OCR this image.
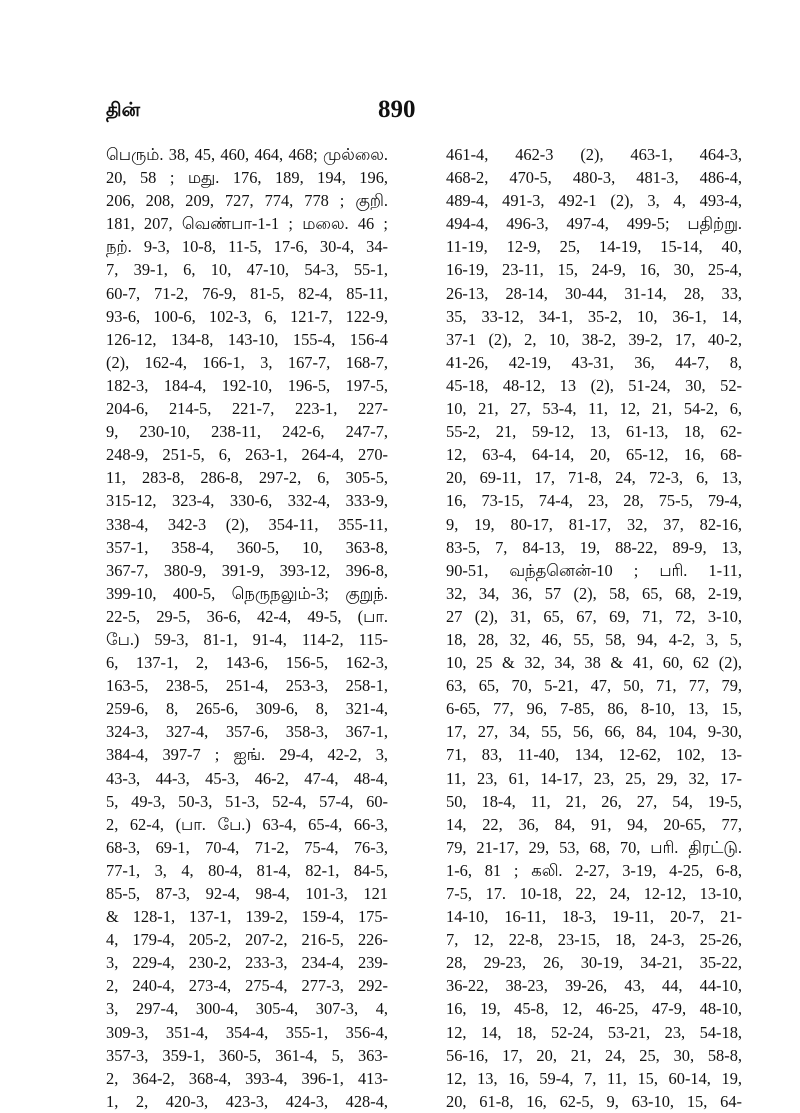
தின்	890
பெரும். 38, 45, 460, 464, 468; முல்லை.
20, 58 ; மது. 176, 189, 194, 196,
206, 208, 209, 727, 774, 778 ; குறி.
181, 207, வெண்பா-1-1 ; மலை. 46 ;
நற். 9-3, 10-8, 11-5, 17-6, 30-4, 34-
7, 39-1, 6, 10, 47-10, 54-3, 55-1,
60-7, 71-2, 76-9, 81-5, 82-4, 85-11,
93-6, 100-6, 102-3, 6, 121-7, 122-9,
126-12, 134-8, 143-10, 155-4, 156-4
(2), 162-4, 166-1, 3, 167-7, 168-7,
182-3, 184-4, 192-10, 196-5, 197-5,
204-6, 214-5, 221-7, 223-1, 227-
9, 230-10, 238-11, 242-6, 247-7,
248-9, 251-5, 6, 263-1, 264-4, 270-
11, 283-8, 286-8, 297-2, 6, 305-5,
315-12, 323-4, 330-6, 332-4, 333-9,
338-4, 342-3 (2), 354-11, 355-11,
357-1, 358-4, 360-5, 10, 363-8,
367-7, 380-9, 391-9, 393-12, 396-8,
399-10, 400-5, நெருநலும்-3; குறுந்.
22-5, 29-5, 36-6, 42-4, 49-5, (பா.
பே.) 59-3, 81-1, 91-4, 114-2, 115-
6, 137-1, 2, 143-6, 156-5, 162-3,
163-5, 238-5, 251-4, 253-3, 258-1,
259-6, 8, 265-6, 309-6, 8, 321-4,
324-3, 327-4, 357-6, 358-3, 367-1,
384-4, 397-7 ; ஐங். 29-4, 42-2, 3,
43-3, 44-3, 45-3, 46-2, 47-4, 48-4,
5, 49-3, 50-3, 51-3, 52-4, 57-4, 60-
2, 62-4, (பா. பே.) 63-4, 65-4, 66-3,
68-3, 69-1, 70-4, 71-2, 75-4, 76-3,
77-1, 3, 4, 80-4, 81-4, 82-1, 84-5,
85-5, 87-3, 92-4, 98-4, 101-3, 121
& 128-1, 137-1, 139-2, 159-4, 175-
4, 179-4, 205-2, 207-2, 216-5, 226-
3, 229-4, 230-2, 233-3, 234-4, 239-
2, 240-4, 273-4, 275-4, 277-3, 292-
3, 297-4, 300-4, 305-4, 307-3, 4,
309-3, 351-4, 354-4, 355-1, 356-4,
357-3, 359-1, 360-5, 361-4, 5, 363-
2, 364-2, 368-4, 393-4, 396-1, 413-
1, 2, 420-3, 423-3, 424-3, 428-4,
461-4, 462-3 (2), 463-1, 464-3,
468-2, 470-5, 480-3, 481-3, 486-4,
489-4, 491-3, 492-1 (2), 3, 4, 493-4,
494-4, 496-3, 497-4, 499-5; பதிற்று.
11-19, 12-9, 25, 14-19, 15-14, 40,
16-19, 23-11, 15, 24-9, 16, 30, 25-4,
26-13, 28-14, 30-44, 31-14, 28, 33,
35, 33-12, 34-1, 35-2, 10, 36-1, 14,
37-1 (2), 2, 10, 38-2, 39-2, 17, 40-2,
41-26, 42-19, 43-31, 36, 44-7, 8,
45-18, 48-12, 13 (2), 51-24, 30, 52-
10, 21, 27, 53-4, 11, 12, 21, 54-2, 6,
55-2, 21, 59-12, 13, 61-13, 18, 62-
12, 63-4, 64-14, 20, 65-12, 16, 68-
20, 69-11, 17, 71-8, 24, 72-3, 6, 13,
16, 73-15, 74-4, 23, 28, 75-5, 79-4,
9, 19, 80-17, 81-17, 32, 37, 82-16,
83-5, 7, 84-13, 19, 88-22, 89-9, 13,
90-51, வந்தனென்-10 ; பரி. 1-11,
32, 34, 36, 57 (2), 58, 65, 68, 2-19,
27 (2), 31, 65, 67, 69, 71, 72, 3-10,
18, 28, 32, 46, 55, 58, 94, 4-2, 3, 5,
10, 25 & 32, 34, 38 & 41, 60, 62 (2),
63, 65, 70, 5-21, 47, 50, 71, 77, 79,
6-65, 77, 96, 7-85, 86, 8-10, 13, 15,
17, 27, 34, 55, 56, 66, 84, 104, 9-30,
71, 83, 11-40, 134, 12-62, 102, 13-
11, 23, 61, 14-17, 23, 25, 29, 32, 17-
50, 18-4, 11, 21, 26, 27, 54, 19-5,
14, 22, 36, 84, 91, 94, 20-65, 77,
79, 21-17, 29, 53, 68, 70, பரி. திரட்டு.
1-6, 81 ; கலி. 2-27, 3-19, 4-25, 6-8,
7-5, 17. 10-18, 22, 24, 12-12, 13-10,
14-10, 16-11, 18-3, 19-11, 20-7, 21-
7, 12, 22-8, 23-15, 18, 24-3, 25-26,
28, 29-23, 26, 30-19, 34-21, 35-22,
36-22, 38-23, 39-26, 43, 44, 44-10,
16, 19, 45-8, 12, 46-25, 47-9, 48-10,
12, 14, 18, 52-24, 53-21, 23, 54-18,
56-16, 17, 20, 21, 24, 25, 30, 58-8,
12, 13, 16, 59-4, 7, 11, 15, 60-14, 19,
20, 61-8, 16, 62-5, 9, 63-10, 15, 64-
